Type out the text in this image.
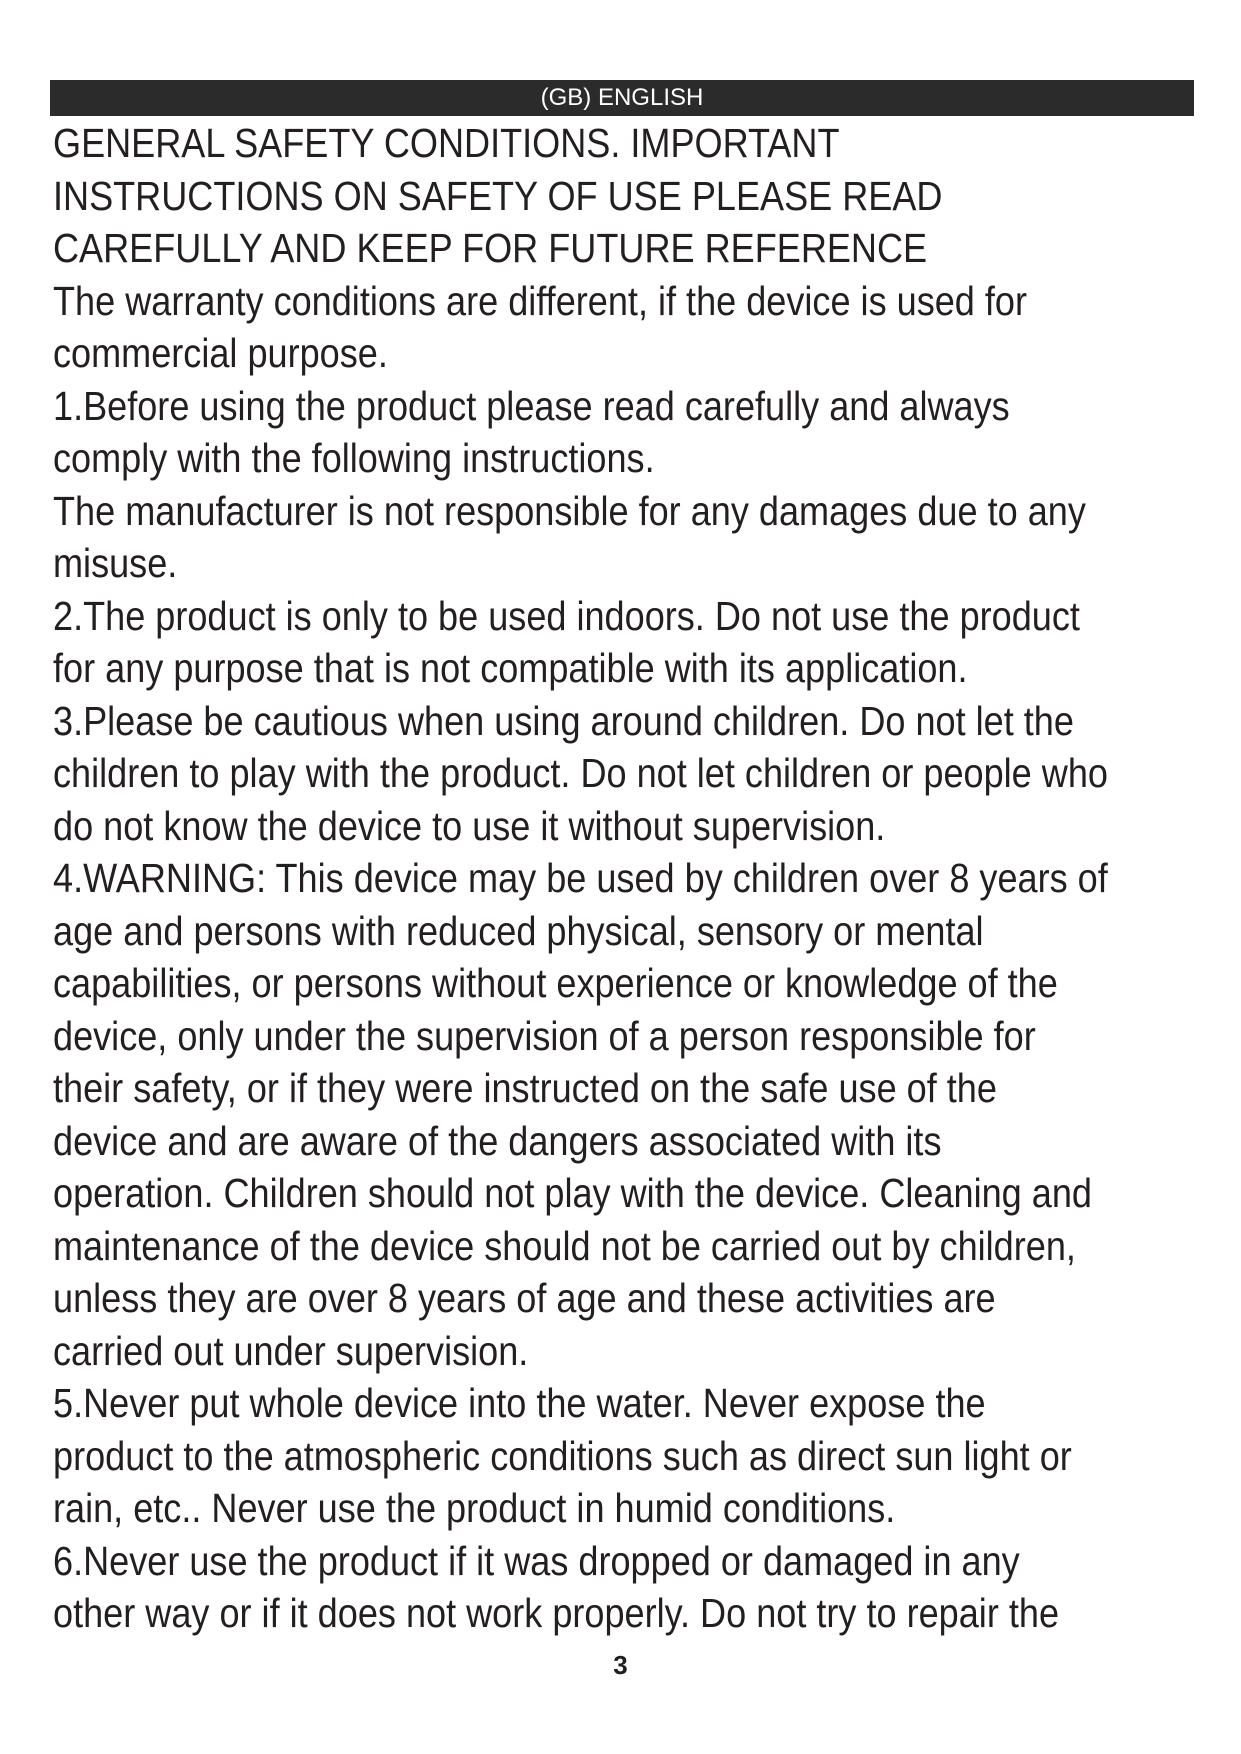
(GB) ENGLISH

GENERAL SAFETY CONDITIONS. IMPORTANT

INSTRUCTIONS ON SAFETY OF USE PLEASE READ

CAREFULLY AND KEEP FOR FUTURE REFERENCE

The warranty conditions are different, if the device is used for

commercial purpose.

1.Before using the product please read carefully and always

comply with the following instructions.

The manufacturer is not responsible for any damages due to any

misuse.

2.The product is only to be used indoors. Do not use the product

for any purpose that is not compatible with its application.

3.Please be cautious when using around children. Do not let the

children to play with the product. Do not let children or people who

do not know the device to use it without supervision.

4.WARNING: This device may be used by children over 8 years of

age and persons with reduced physical, sensory or mental

capabilities, or persons without experience or knowledge of the

device, only under the supervision of a person responsible for

their safety, or if they were instructed on the safe use of the

device and are aware of the dangers associated with its

operation. Children should not play with the device. Cleaning and

maintenance of the device should not be carried out by children,

unless they are over 8 years of age and these activities are

carried out under supervision.

5.Never put whole device into the water. Never expose the

product to the atmospheric conditions such as direct sun light or

rain, etc.. Never use the product in humid conditions.

6.Never use the product if it was dropped or damaged in any

other way or if it does not work properly. Do not try to repair the

3
